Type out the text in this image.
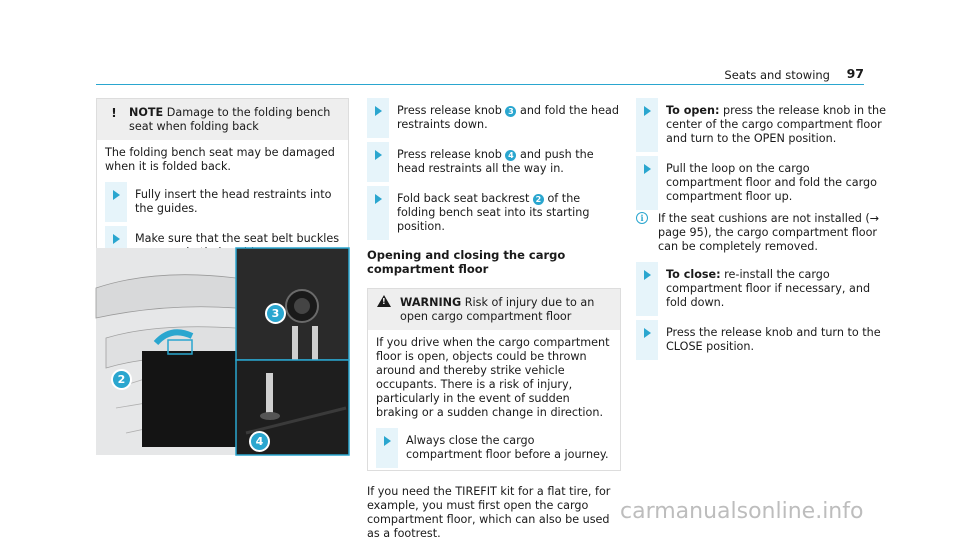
Seats and stowing 97
!	NOTE Damage to the folding bench seat when folding back

The folding bench seat may be damaged when it is folded back.

Fully insert the head restraints into the guides.
Make sure that the seat belt buckles
2
3
4
Press release knob 3 and fold the head restraints down.
Press release knob 4 and push the head restraints all the way in.
Fold back seat backrest 2 of the folding bench seat into its starting position.
Opening and closing the cargo compartment floor
!
WARNING Risk of injury due to an open cargo compartment floor

If you drive when the cargo compartment floor is open, objects could be thrown around and thereby strike vehicle occupants. There is a risk of injury, particularly in the event of sudden braking or a sudden change in direction.

Always close the cargo compartment floor before a journey.

If you need the TIREFIT kit for a flat tire, for example, you must first open the cargo compartment floor, which can also be used as a footrest.

To open: press the release knob in the center of the cargo compartment floor and turn to the OPEN position.
Pull the loop on the cargo compartment floor and fold the cargo compartment floor up.
i	If the seat cushions are not installed (→ page 95), the cargo compartment floor can be completely removed.
To close: re-install the cargo compartment floor if necessary, and fold down.
Press the release knob and turn to the CLOSE position.
carmanualsonline.info
